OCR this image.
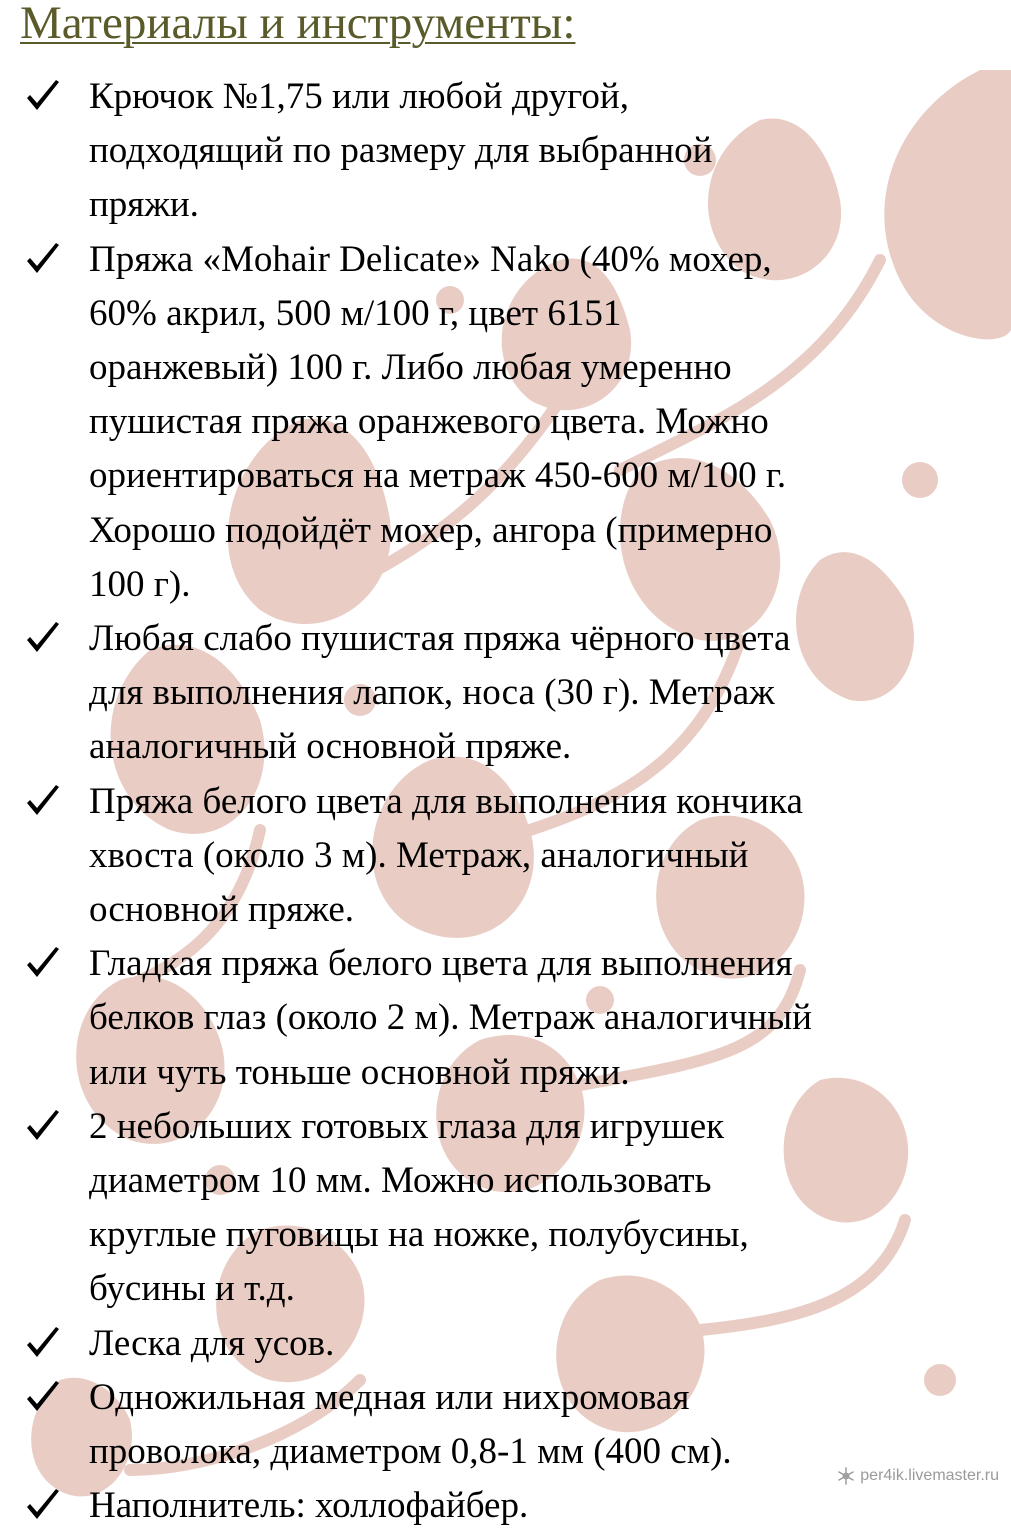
Материалы и инструменты:
Крючок №1,75 или любой другой,
подходящий по размеру для выбранной
пряжи.
Пряжа «Mohair Delicate» Nako (40% мохер,
60% акрил, 500 м/100 г, цвет 6151
оранжевый) 100 г. Либо любая умеренно
пушистая пряжа оранжевого цвета. Можно
ориентироваться на метраж 450-600 м/100 г.
Хорошо подойдёт мохер, ангора (примерно
100 г).
Любая слабо пушистая пряжа чёрного цвета
для выполнения лапок, носа (30 г). Метраж
аналогичный основной пряже.
Пряжа белого цвета для выполнения кончика
хвоста (около 3 м). Метраж, аналогичный
основной пряже.
Гладкая пряжа белого цвета для выполнения
белков глаз (около 2 м). Метраж аналогичный
или чуть тоньше основной пряжи.
2 небольших готовых глаза для игрушек
диаметром 10 мм. Можно использовать
круглые пуговицы на ножке, полубусины,
бусины и т.д.
Леска для усов.
Одножильная медная или нихромовая
проволока, диаметром 0,8-1 мм (400 см).
Наполнитель: холлофайбер.
per4ik.livemaster.ru
